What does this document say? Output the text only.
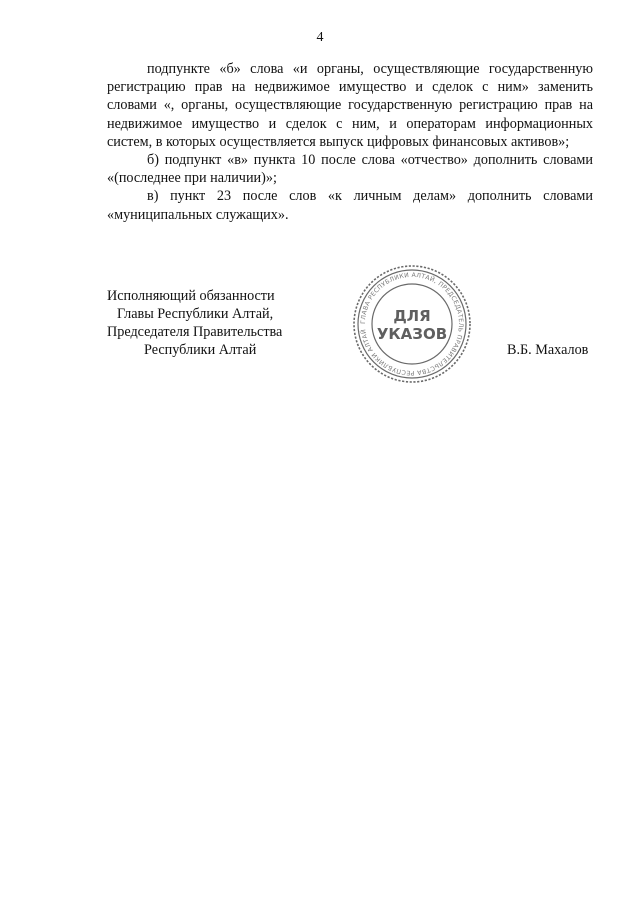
4

подпункте «б» слова «и органы, осуществляющие государственную регистрацию прав на недвижимое имущество и сделок с ним» заменить словами «, органы, осуществляющие государственную регистрацию прав на недвижимое имущество и сделок с ним, и операторам информационных систем, в которых осуществляется выпуск цифровых финансовых активов»;

б) подпункт «в» пункта 10 после слова «отчество» дополнить словами «(последнее при наличии)»;

в) пункт 23 после слов «к личным делам» дополнить словами «муниципальных служащих».

Исполняющий обязанности
Главы Республики Алтай,
Председателя Правительства
Республики Алтай	В.Б. Махалов
ГЛАВА РЕСПУБЛИКИ АЛТАЙ, ПРЕДСЕДАТЕЛЬ ПРАВИТЕЛЬСТВА РЕСПУБЛИКИ АЛТАЙ
ДЛЯ
УКАЗОВ
